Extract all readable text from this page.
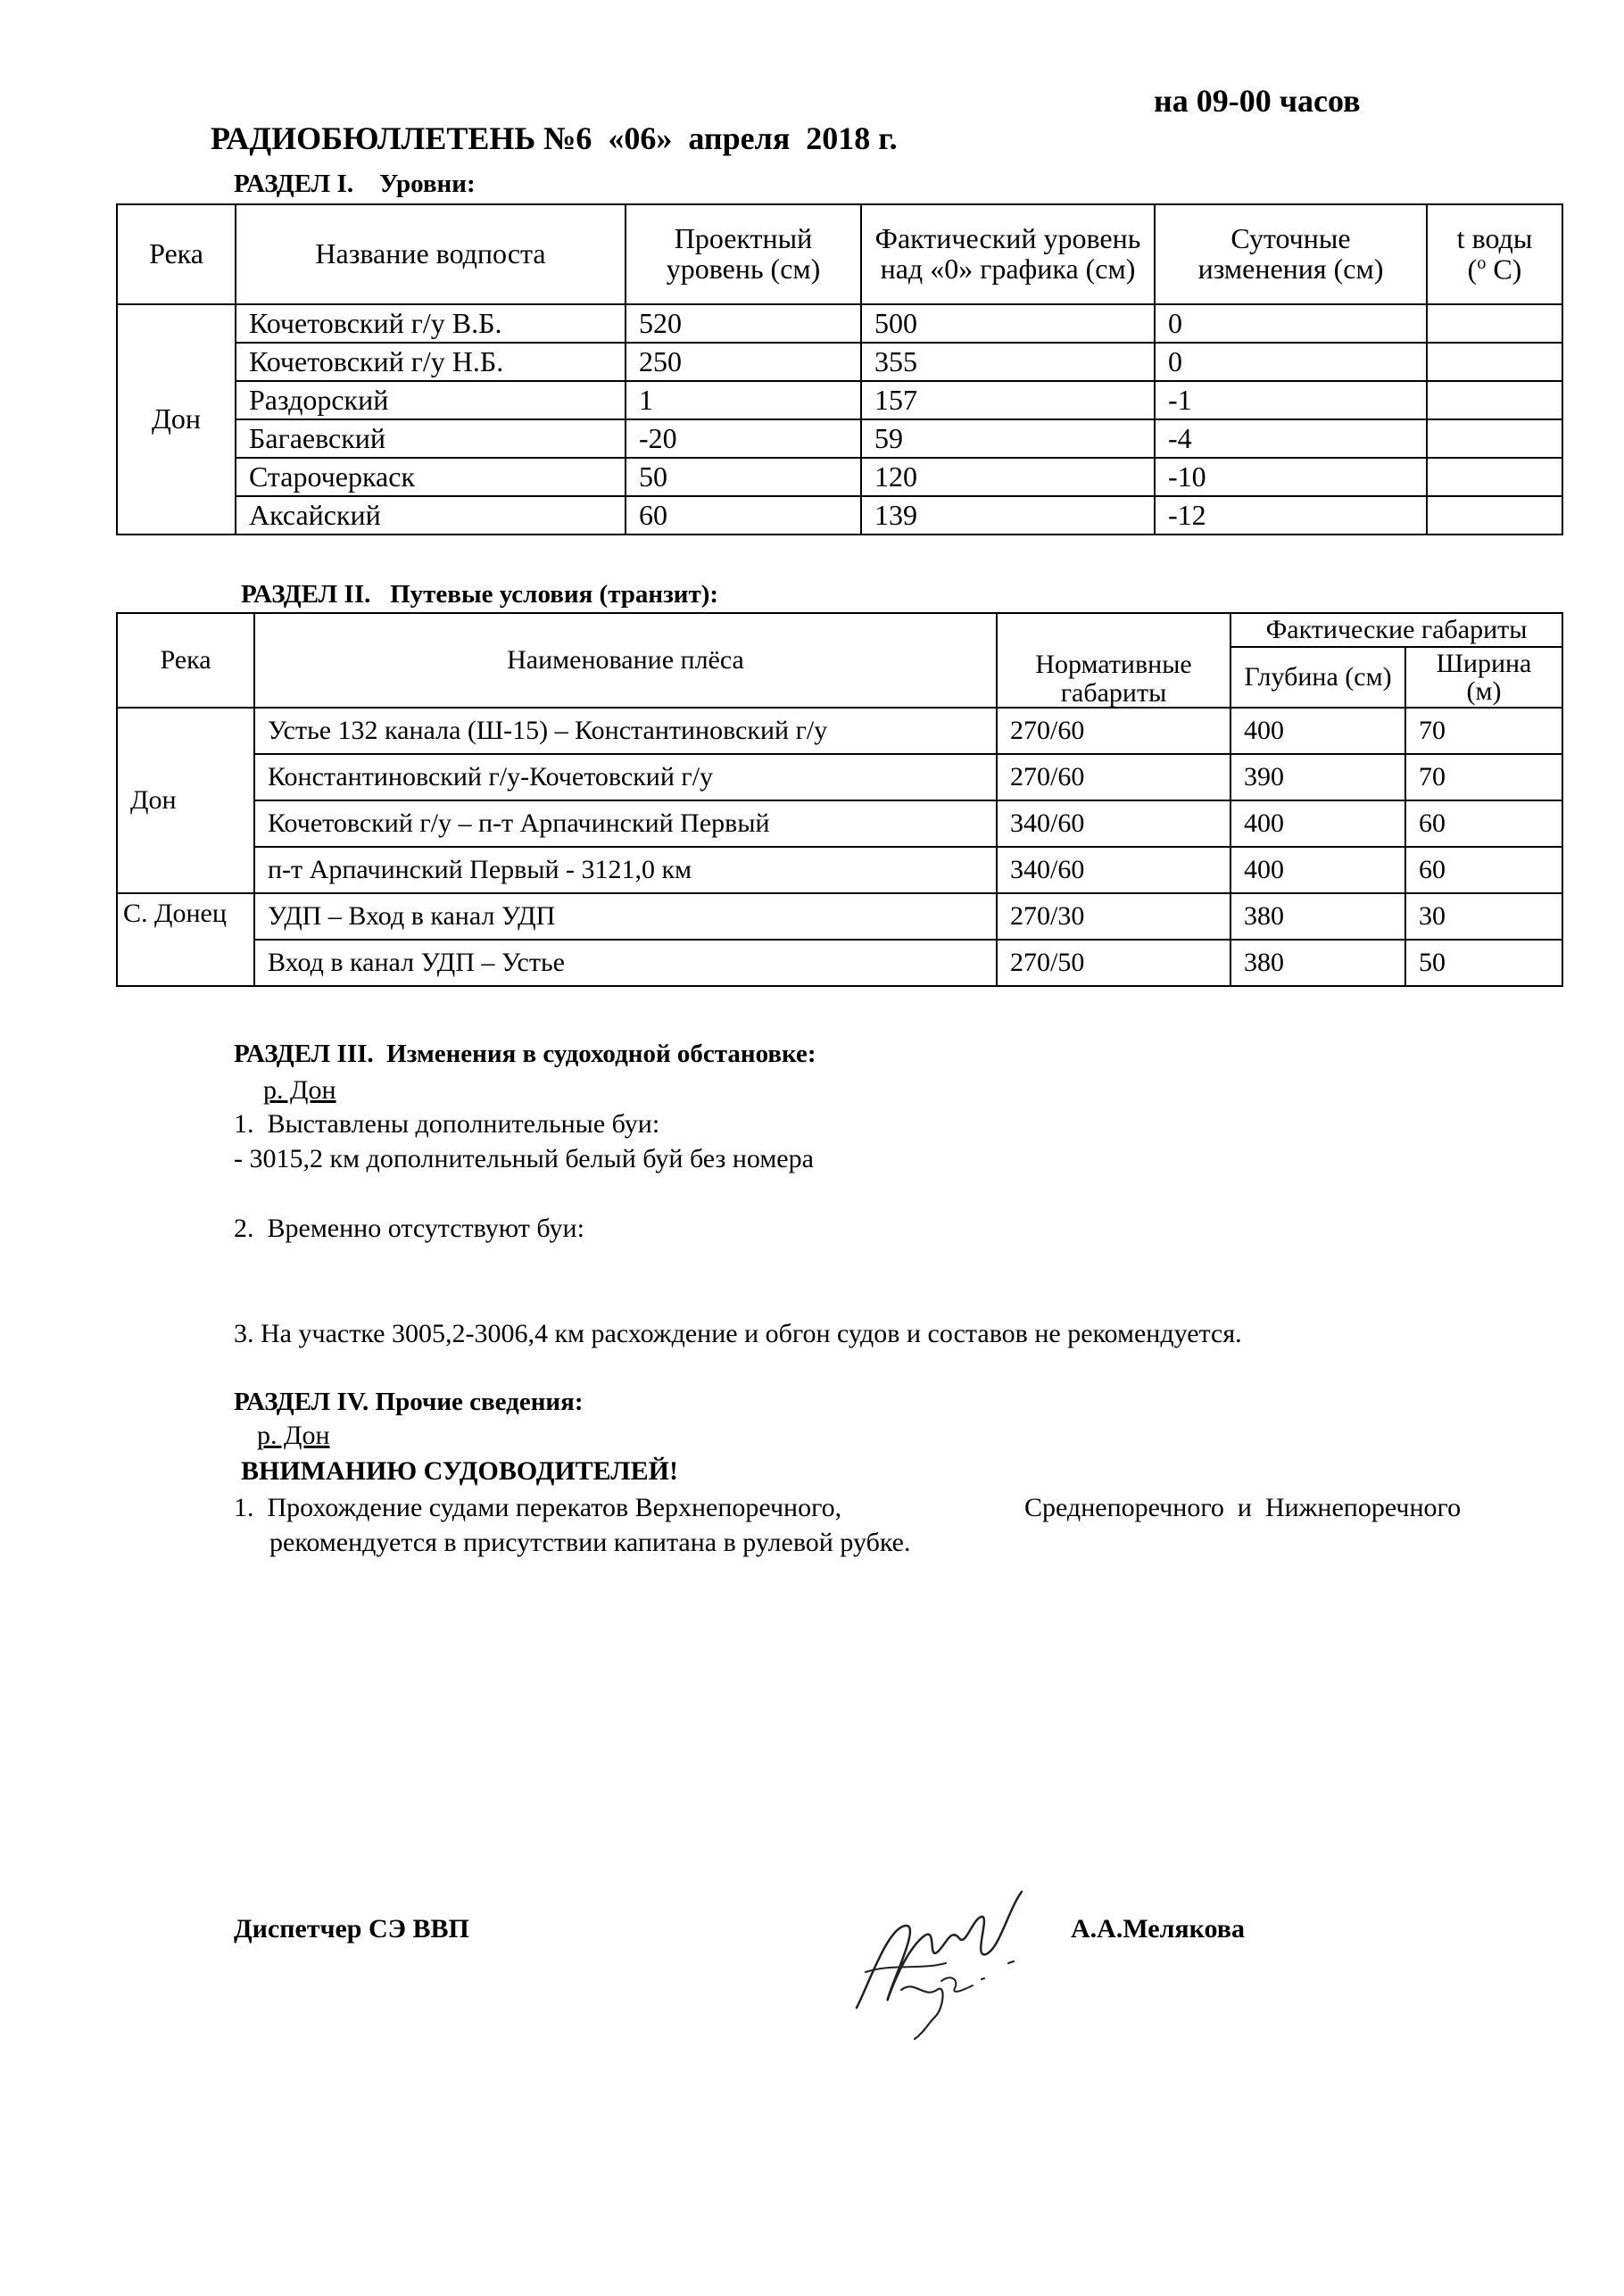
РАДИОБЮЛЛЕТЕНЬ №6  «06»  апреля  2018 г.

на 09-00 часов

РАЗДЕЛ I.    Уровни:
Река	Название водпоста	Проектный уровень (см)	Фактический уровень над «0» графика (см)	Суточные изменения (см)	t воды
($^о$ С)
Дон	Кочетовский г/у В.Б.	520	500	0	
	Кочетовский г/у Н.Б.	250	355	0	
	Раздорский	1	157	-1	
	Багаевский	-20	59	-4	
	Старочеркаск	50	120	-10	
	Аксайский	60	139	-12	
РАЗДЕЛ II.   Путевые условия (транзит):
Река	Наименование плёса	Нормативные габариты	Фактические габариты	
			Глубина (см)	Ширина (м)
Дон	Устье 132 канала (Ш-15) – Константиновский г/у	270/60	400	70
	Константиновский г/у-Кочетовский г/у	270/60	390	70
	Кочетовский г/у – п-т Арпачинский Первый	340/60	400	60
	п-т Арпачинский Первый - 3121,0 км	340/60	400	60
С. Донец	УДП – Вход в канал УДП	270/30	380	30
	Вход в канал УДП – Устье	270/50	380	50
РАЗДЕЛ III.  Изменения в судоходной обстановке:
р. Дон
1.  Выставлены дополнительные буи:
- 3015,2 км дополнительный белый буй без номера
2.  Временно отсутствуют буи:
3. На участке 3005,2-3006,4 км расхождение и обгон судов и составов не рекомендуется.
РАЗДЕЛ IV. Прочие сведения:
р. Дон
ВНИМАНИЮ СУДОВОДИТЕЛЕЙ!
1.  Прохождение судами перекатов Верхнепоречного,	Среднепоречного  и  Нижнепоречного
рекомендуется в присутствии капитана в рулевой рубке.
Диспетчер СЭ ВВП	А.А.Мелякова
